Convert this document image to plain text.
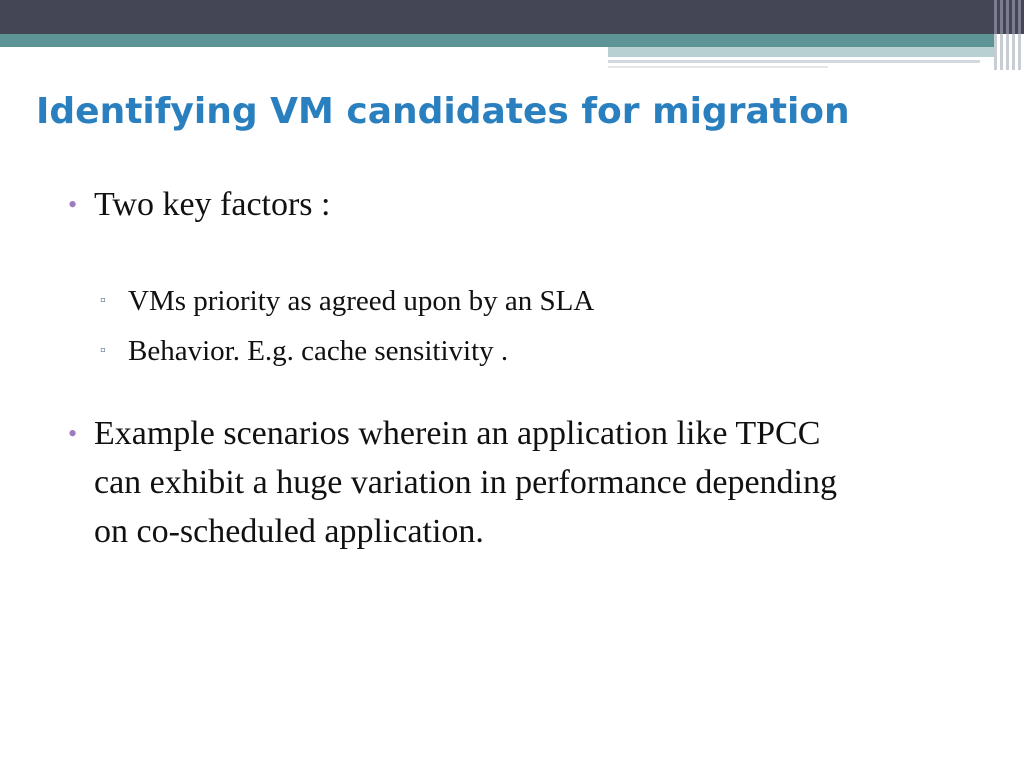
Identifying VM candidates for migration
• Two key factors :
▫ VMs priority as agreed upon by an SLA
▫ Behavior. E.g. cache sensitivity .
• Example scenarios wherein an application like TPCC can exhibit a huge variation in performance depending on co-scheduled application.
